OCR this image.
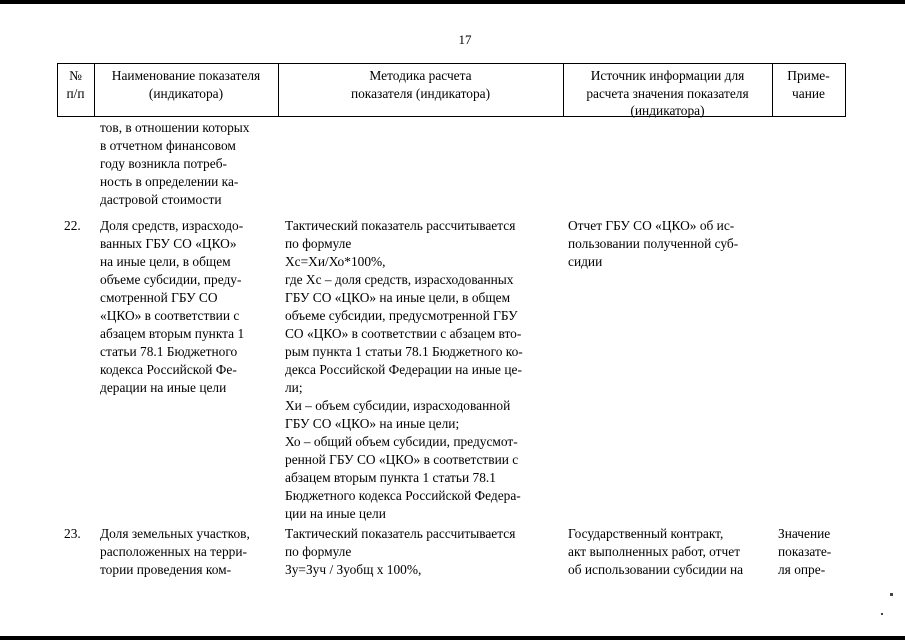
17
№
п/п
Наименование показателя
(индикатора)
Методика расчета
показателя (индикатора)
Источник информации для
расчета значения показателя
(индикатора)
Приме-
чание
тов, в отношении которых
в отчетном финансовом
году возникла потреб-
ность в определении ка-
дастровой стоимости
22.	Доля средств, израсходо-
ванных ГБУ СО «ЦКО»
на иные цели, в общем
объеме субсидии, преду-
смотренной ГБУ СО
«ЦКО» в соответствии с
абзацем вторым пункта 1
статьи 78.1 Бюджетного
кодекса Российской Фе-
дерации на иные цели
Тактический показатель рассчитывается
по формуле
Хс=Хи/Хо*100%,
где Хс – доля средств, израсходованных
ГБУ СО «ЦКО» на иные цели, в общем
объеме субсидии, предусмотренной ГБУ
СО «ЦКО» в соответствии с абзацем вто-
рым пункта 1 статьи 78.1 Бюджетного ко-
декса Российской Федерации на иные це-
ли;
Хи – объем субсидии, израсходованной
ГБУ СО «ЦКО» на иные цели;
Хо – общий объем субсидии, предусмот-
ренной ГБУ СО «ЦКО» в соответствии с
абзацем вторым пункта 1 статьи 78.1
Бюджетного кодекса Российской Федера-
ции на иные цели
Отчет ГБУ СО «ЦКО» об ис-
пользовании полученной суб-
сидии
23.	Доля земельных участков,
расположенных на терри-
тории проведения ком-
Тактический показатель рассчитывается
по формуле
Зу=Зуч / Зуобщ х 100%,
Государственный контракт,
акт выполненных работ, отчет
об использовании субсидии на
Значение
показате-
ля опре-
